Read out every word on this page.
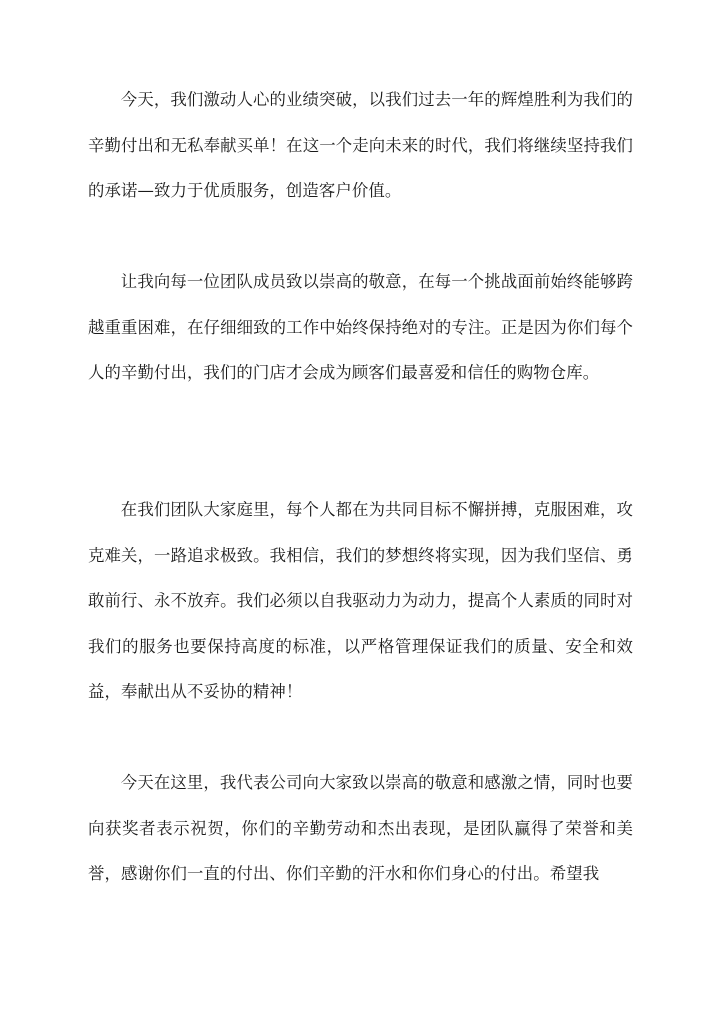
今天，我们激动人心的业绩突破，以我们过去一年的辉煌胜利为我们的辛勤付出和无私奉献买单！在这一个走向未来的时代，我们将继续坚持我们的承诺—致力于优质服务，创造客户价值。

让我向每一位团队成员致以崇高的敬意，在每一个挑战面前始终能够跨越重重困难，在仔细细致的工作中始终保持绝对的专注。正是因为你们每个人的辛勤付出，我们的门店才会成为顾客们最喜爱和信任的购物仓库。

在我们团队大家庭里，每个人都在为共同目标不懈拼搏，克服困难，攻克难关，一路追求极致。我相信，我们的梦想终将实现，因为我们坚信、勇敢前行、永不放弃。我们必须以自我驱动力为动力，提高个人素质的同时对我们的服务也要保持高度的标准，以严格管理保证我们的质量、安全和效益，奉献出从不妥协的精神！

今天在这里，我代表公司向大家致以崇高的敬意和感激之情，同时也要向获奖者表示祝贺，你们的辛勤劳动和杰出表现，是团队赢得了荣誉和美誉，感谢你们一直的付出、你们辛勤的汗水和你们身心的付出。希望我
